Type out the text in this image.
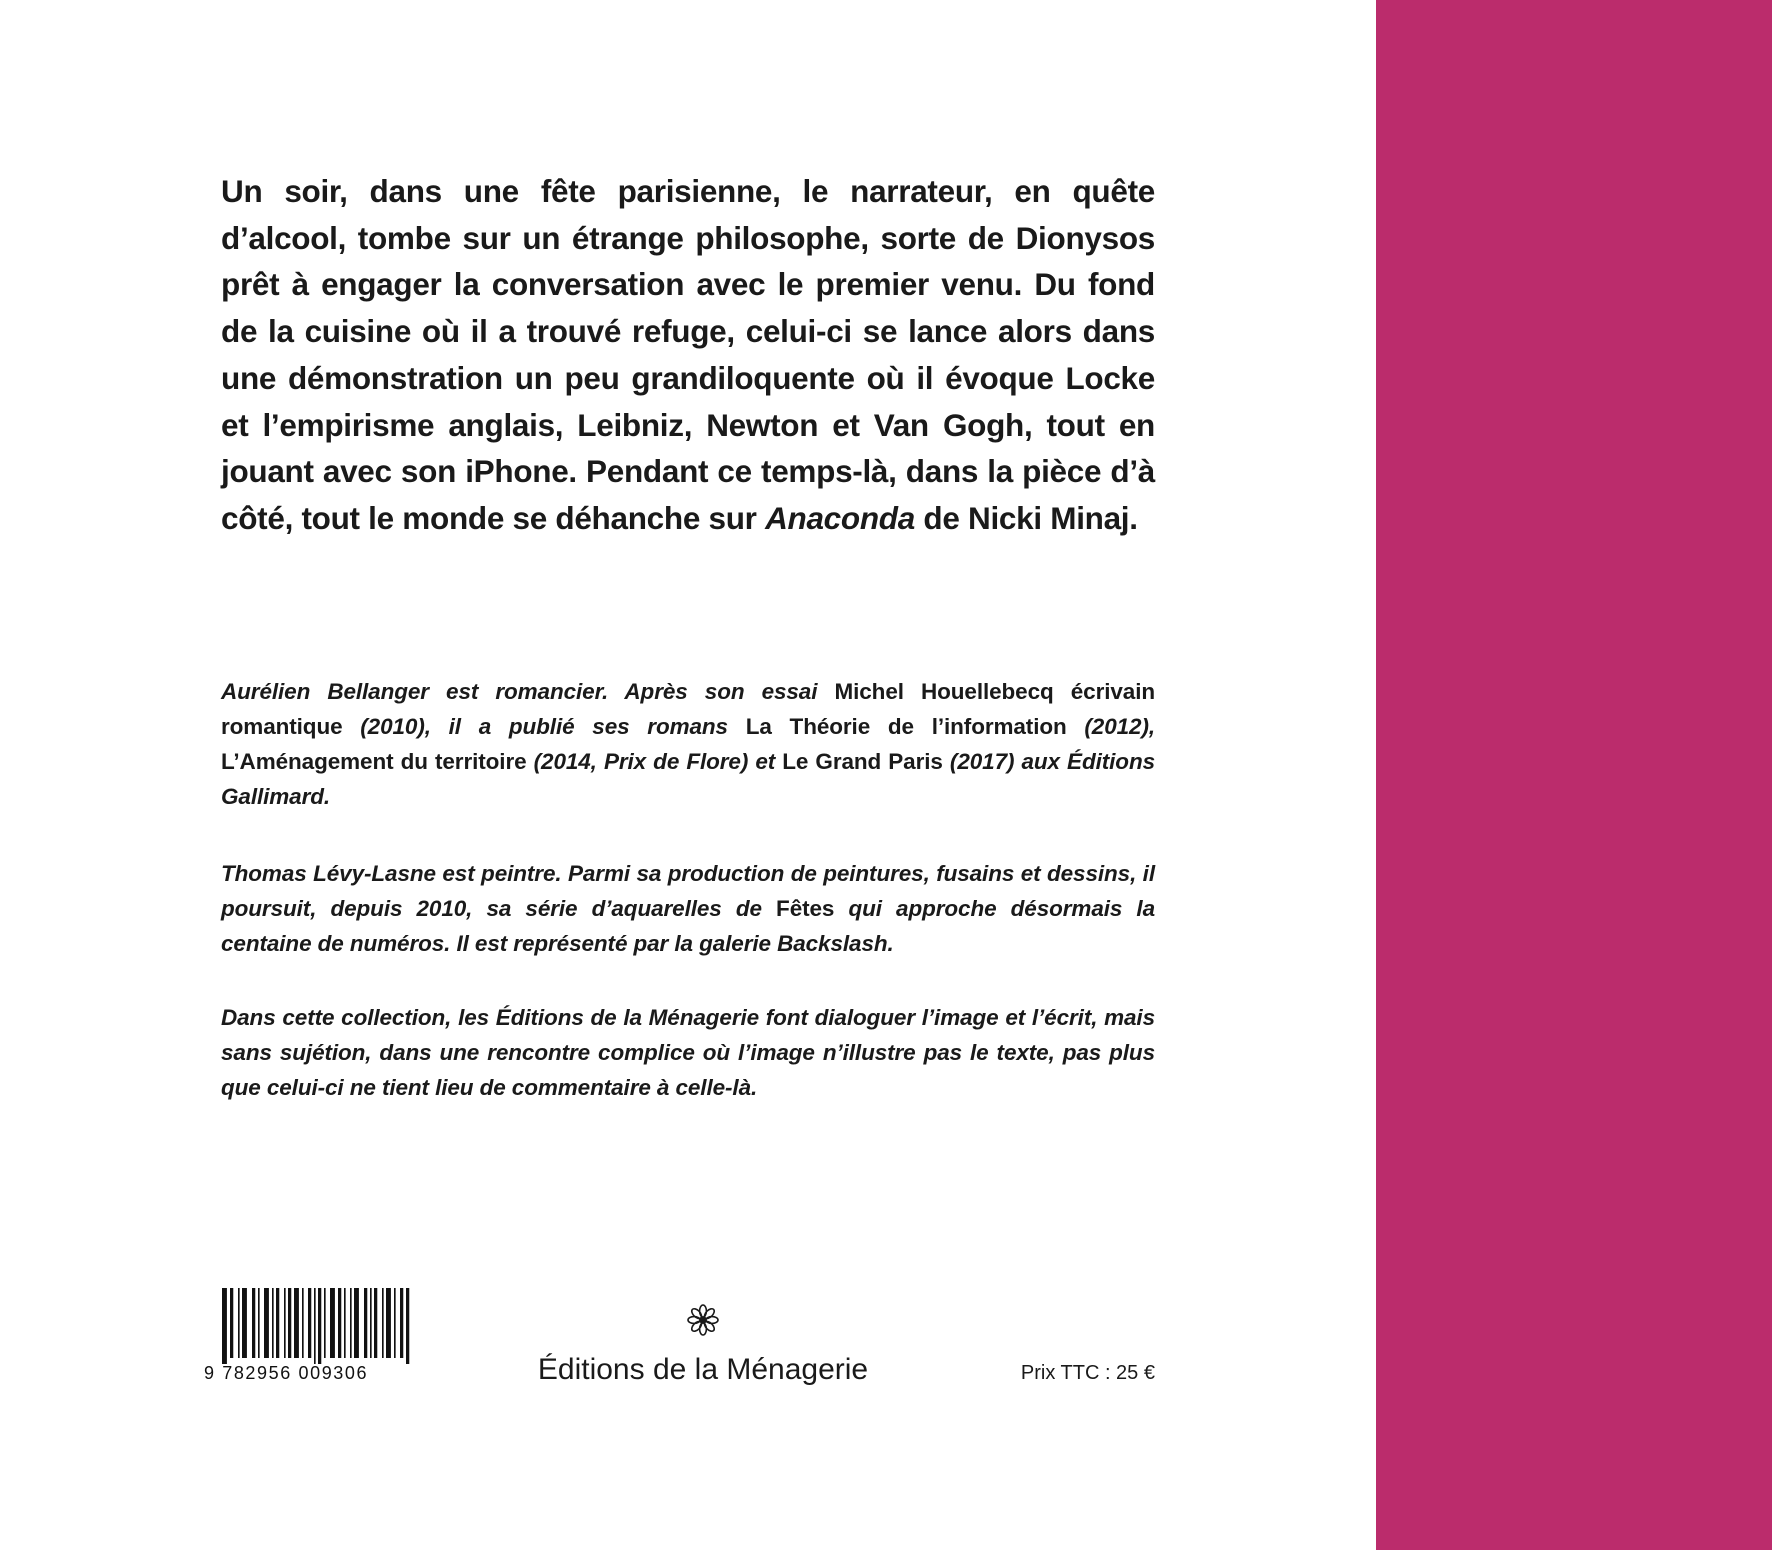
Un soir, dans une fête parisienne, le narrateur, en quête d’alcool, tombe sur un étrange philosophe, sorte de Dionysos prêt à engager la conversation avec le premier venu. Du fond de la cuisine où il a trouvé refuge, celui-ci se lance alors dans une démonstration un peu grandiloquente où il évoque Locke et l’empirisme anglais, Leibniz, Newton et Van Gogh, tout en jouant avec son iPhone. Pendant ce temps-là, dans la pièce d’à côté, tout le monde se déhanche sur Anaconda de Nicki Minaj.

Aurélien Bellanger est romancier. Après son essai Michel Houellebecq écrivain romantique (2010), il a publié ses romans La Théorie de l’information (2012), L’Aménagement du territoire (2014, Prix de Flore) et Le Grand Paris (2017) aux Éditions Gallimard.

Thomas Lévy-Lasne est peintre. Parmi sa production de peintures, fusains et dessins, il poursuit, depuis 2010, sa série d’aquarelles de Fêtes qui approche désormais la centaine de numéros. Il est représenté par la galerie Backslash.

Dans cette collection, les Éditions de la Ménagerie font dialoguer l’image et l’écrit, mais sans sujétion, dans une rencontre complice où l’image n’illustre pas le texte, pas plus que celui-ci ne tient lieu de commentaire à celle-là.

9 782956 009306	Éditions de la Ménagerie	Prix TTC : 25 €
